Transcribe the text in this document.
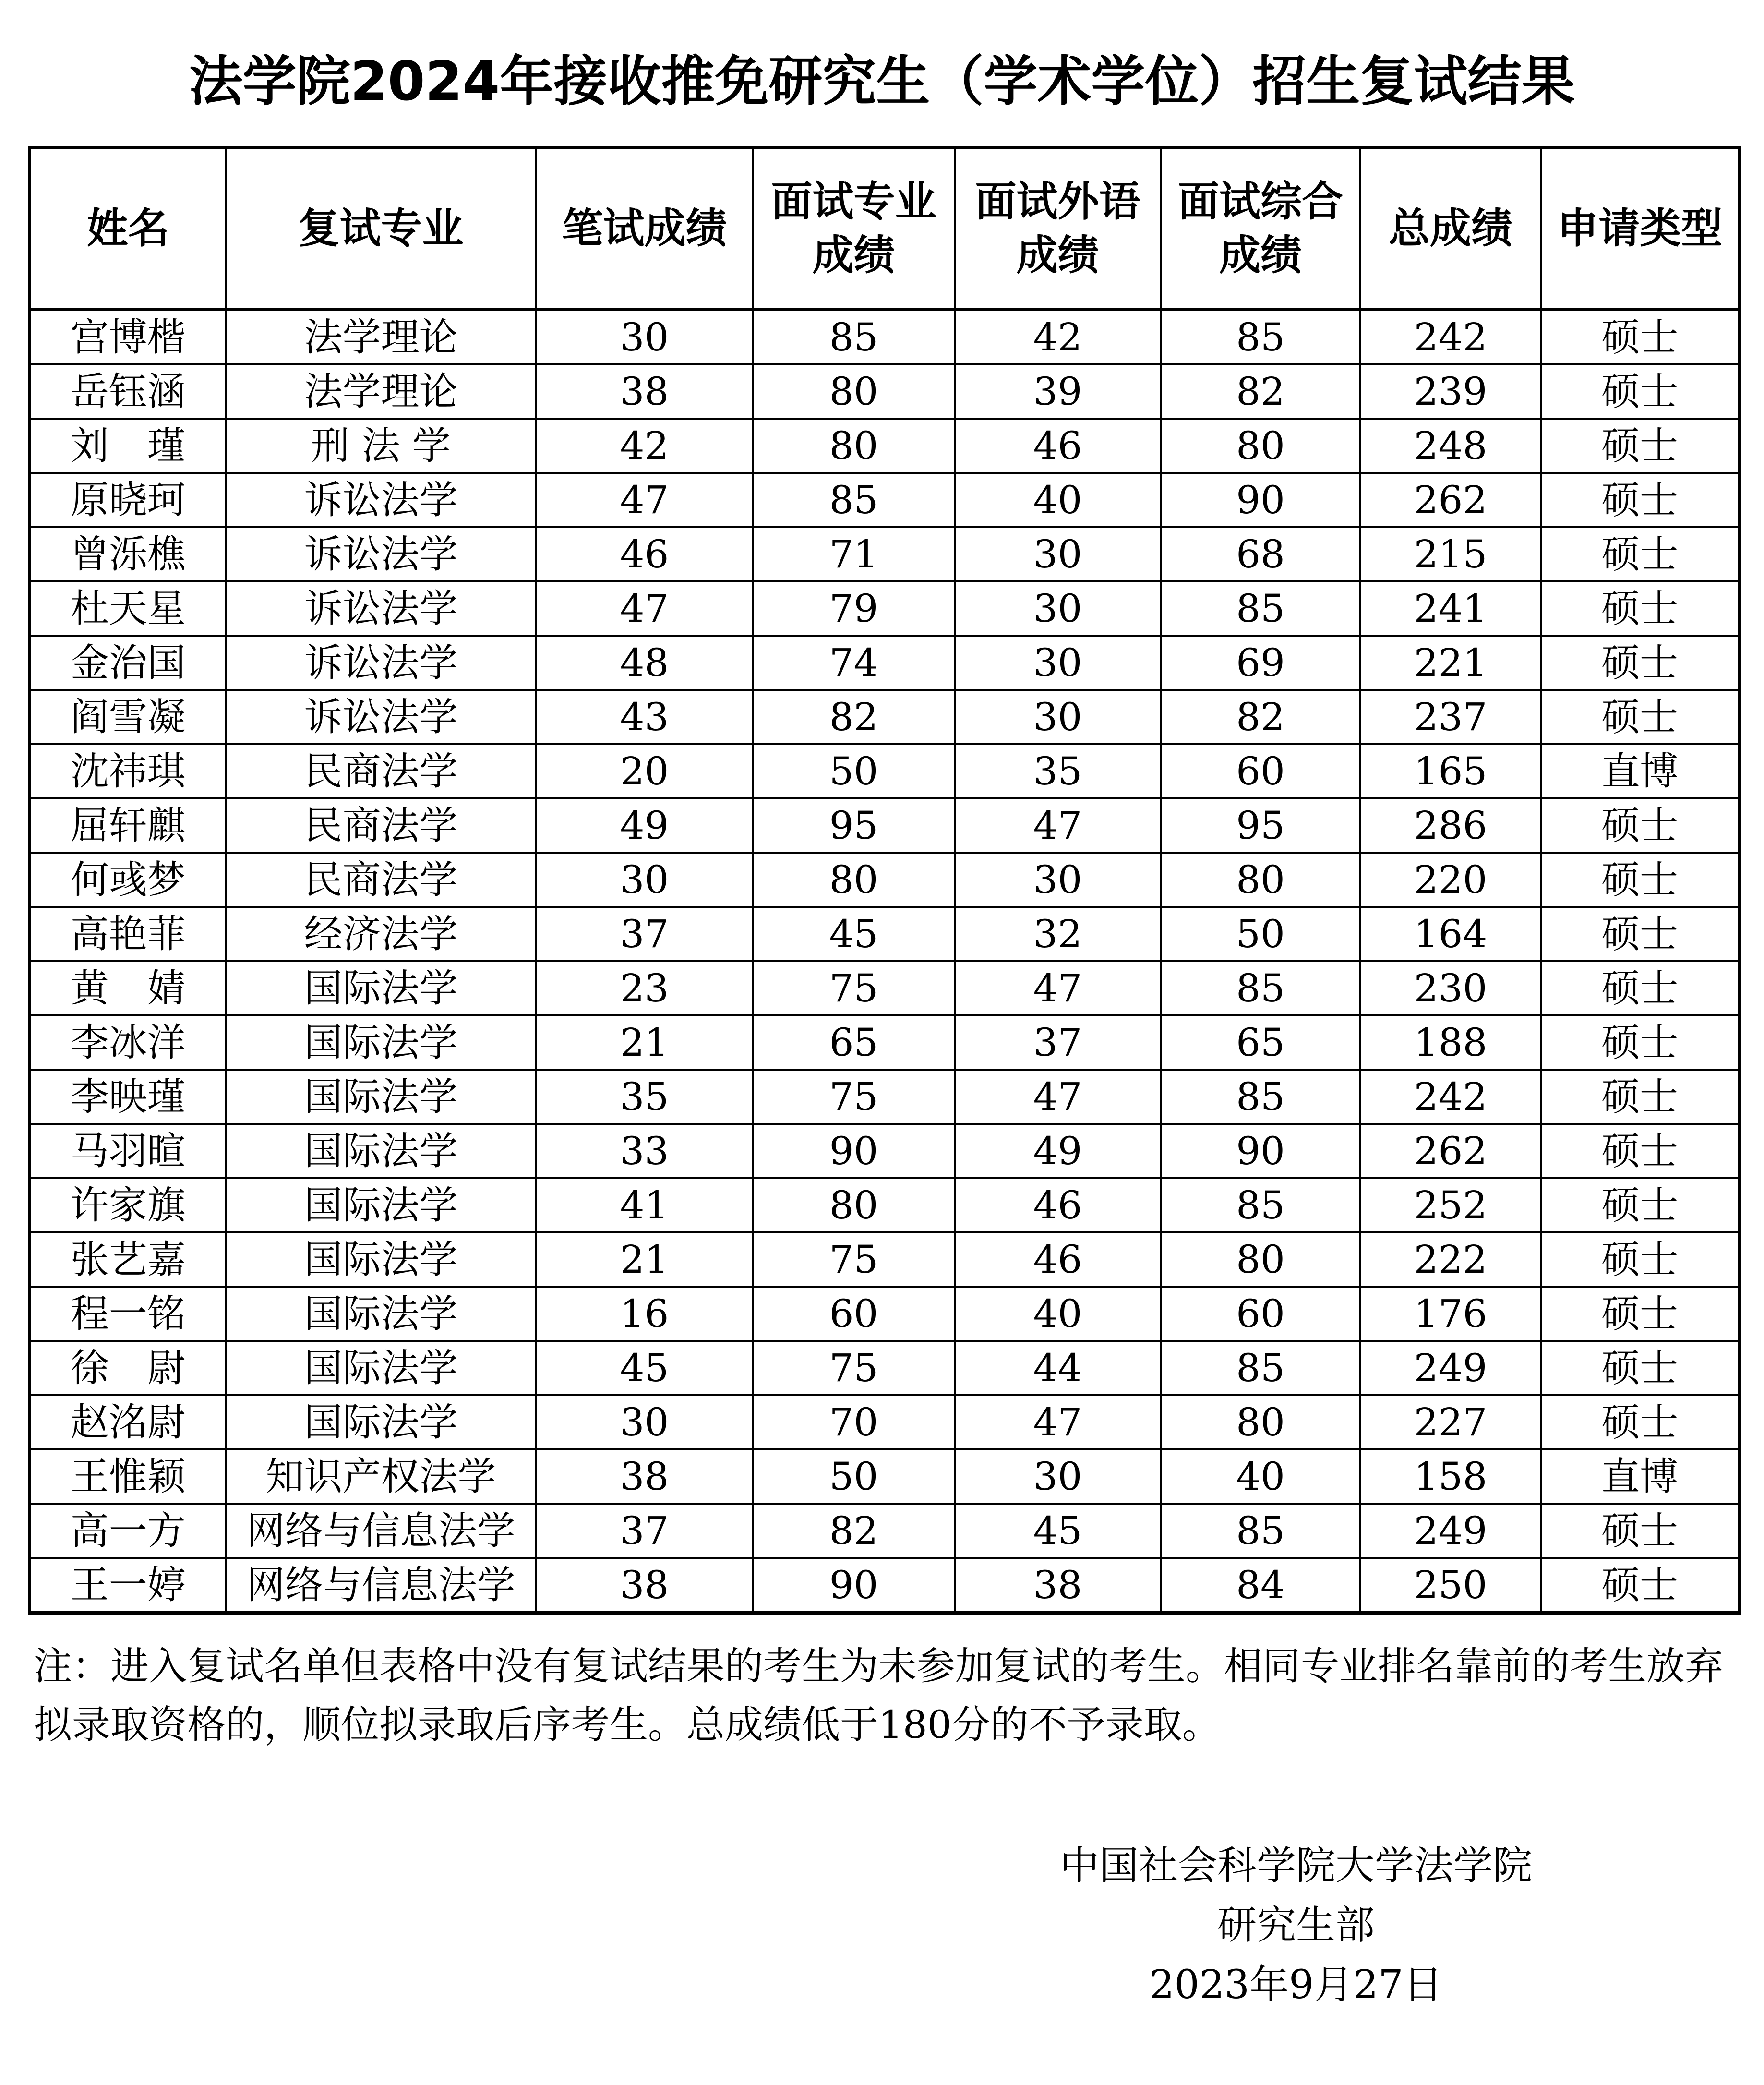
法学院2024年接收推免研究生（学术学位）招生复试结果
姓名	复试专业	笔试成绩	面试专业成绩	面试外语成绩	面试综合成绩	总成绩	申请类型

宫博楷	法学理论	30	85	42	85	242	硕士
岳钰涵	法学理论	38	80	39	82	239	硕士
刘　瑾	刑 法 学	42	80	46	80	248	硕士
原晓珂	诉讼法学	47	85	40	90	262	硕士
曾泺樵	诉讼法学	46	71	30	68	215	硕士
杜天星	诉讼法学	47	79	30	85	241	硕士
金治国	诉讼法学	48	74	30	69	221	硕士
阎雪凝	诉讼法学	43	82	30	82	237	硕士
沈祎琪	民商法学	20	50	35	60	165	直博
屈轩麒	民商法学	49	95	47	95	286	硕士
何彧梦	民商法学	30	80	30	80	220	硕士
高艳菲	经济法学	37	45	32	50	164	硕士
黄　婧	国际法学	23	75	47	85	230	硕士
李冰洋	国际法学	21	65	37	65	188	硕士
李映瑾	国际法学	35	75	47	85	242	硕士
马羽暄	国际法学	33	90	49	90	262	硕士
许家旗	国际法学	41	80	46	85	252	硕士
张艺嘉	国际法学	21	75	46	80	222	硕士
程一铭	国际法学	16	60	40	60	176	硕士
徐　尉	国际法学	45	75	44	85	249	硕士
赵洺尉	国际法学	30	70	47	80	227	硕士
王惟颖	知识产权法学	38	50	30	40	158	直博
高一方	网络与信息法学	37	82	45	85	249	硕士
王一婷	网络与信息法学	38	90	38	84	250	硕士
注：进入复试名单但表格中没有复试结果的考生为未参加复试的考生。相同专业排名靠前的考生放弃拟录取资格的，顺位拟录取后序考生。总成绩低于180分的不予录取。
中国社会科学院大学法学院
研究生部
2023年9月27日
